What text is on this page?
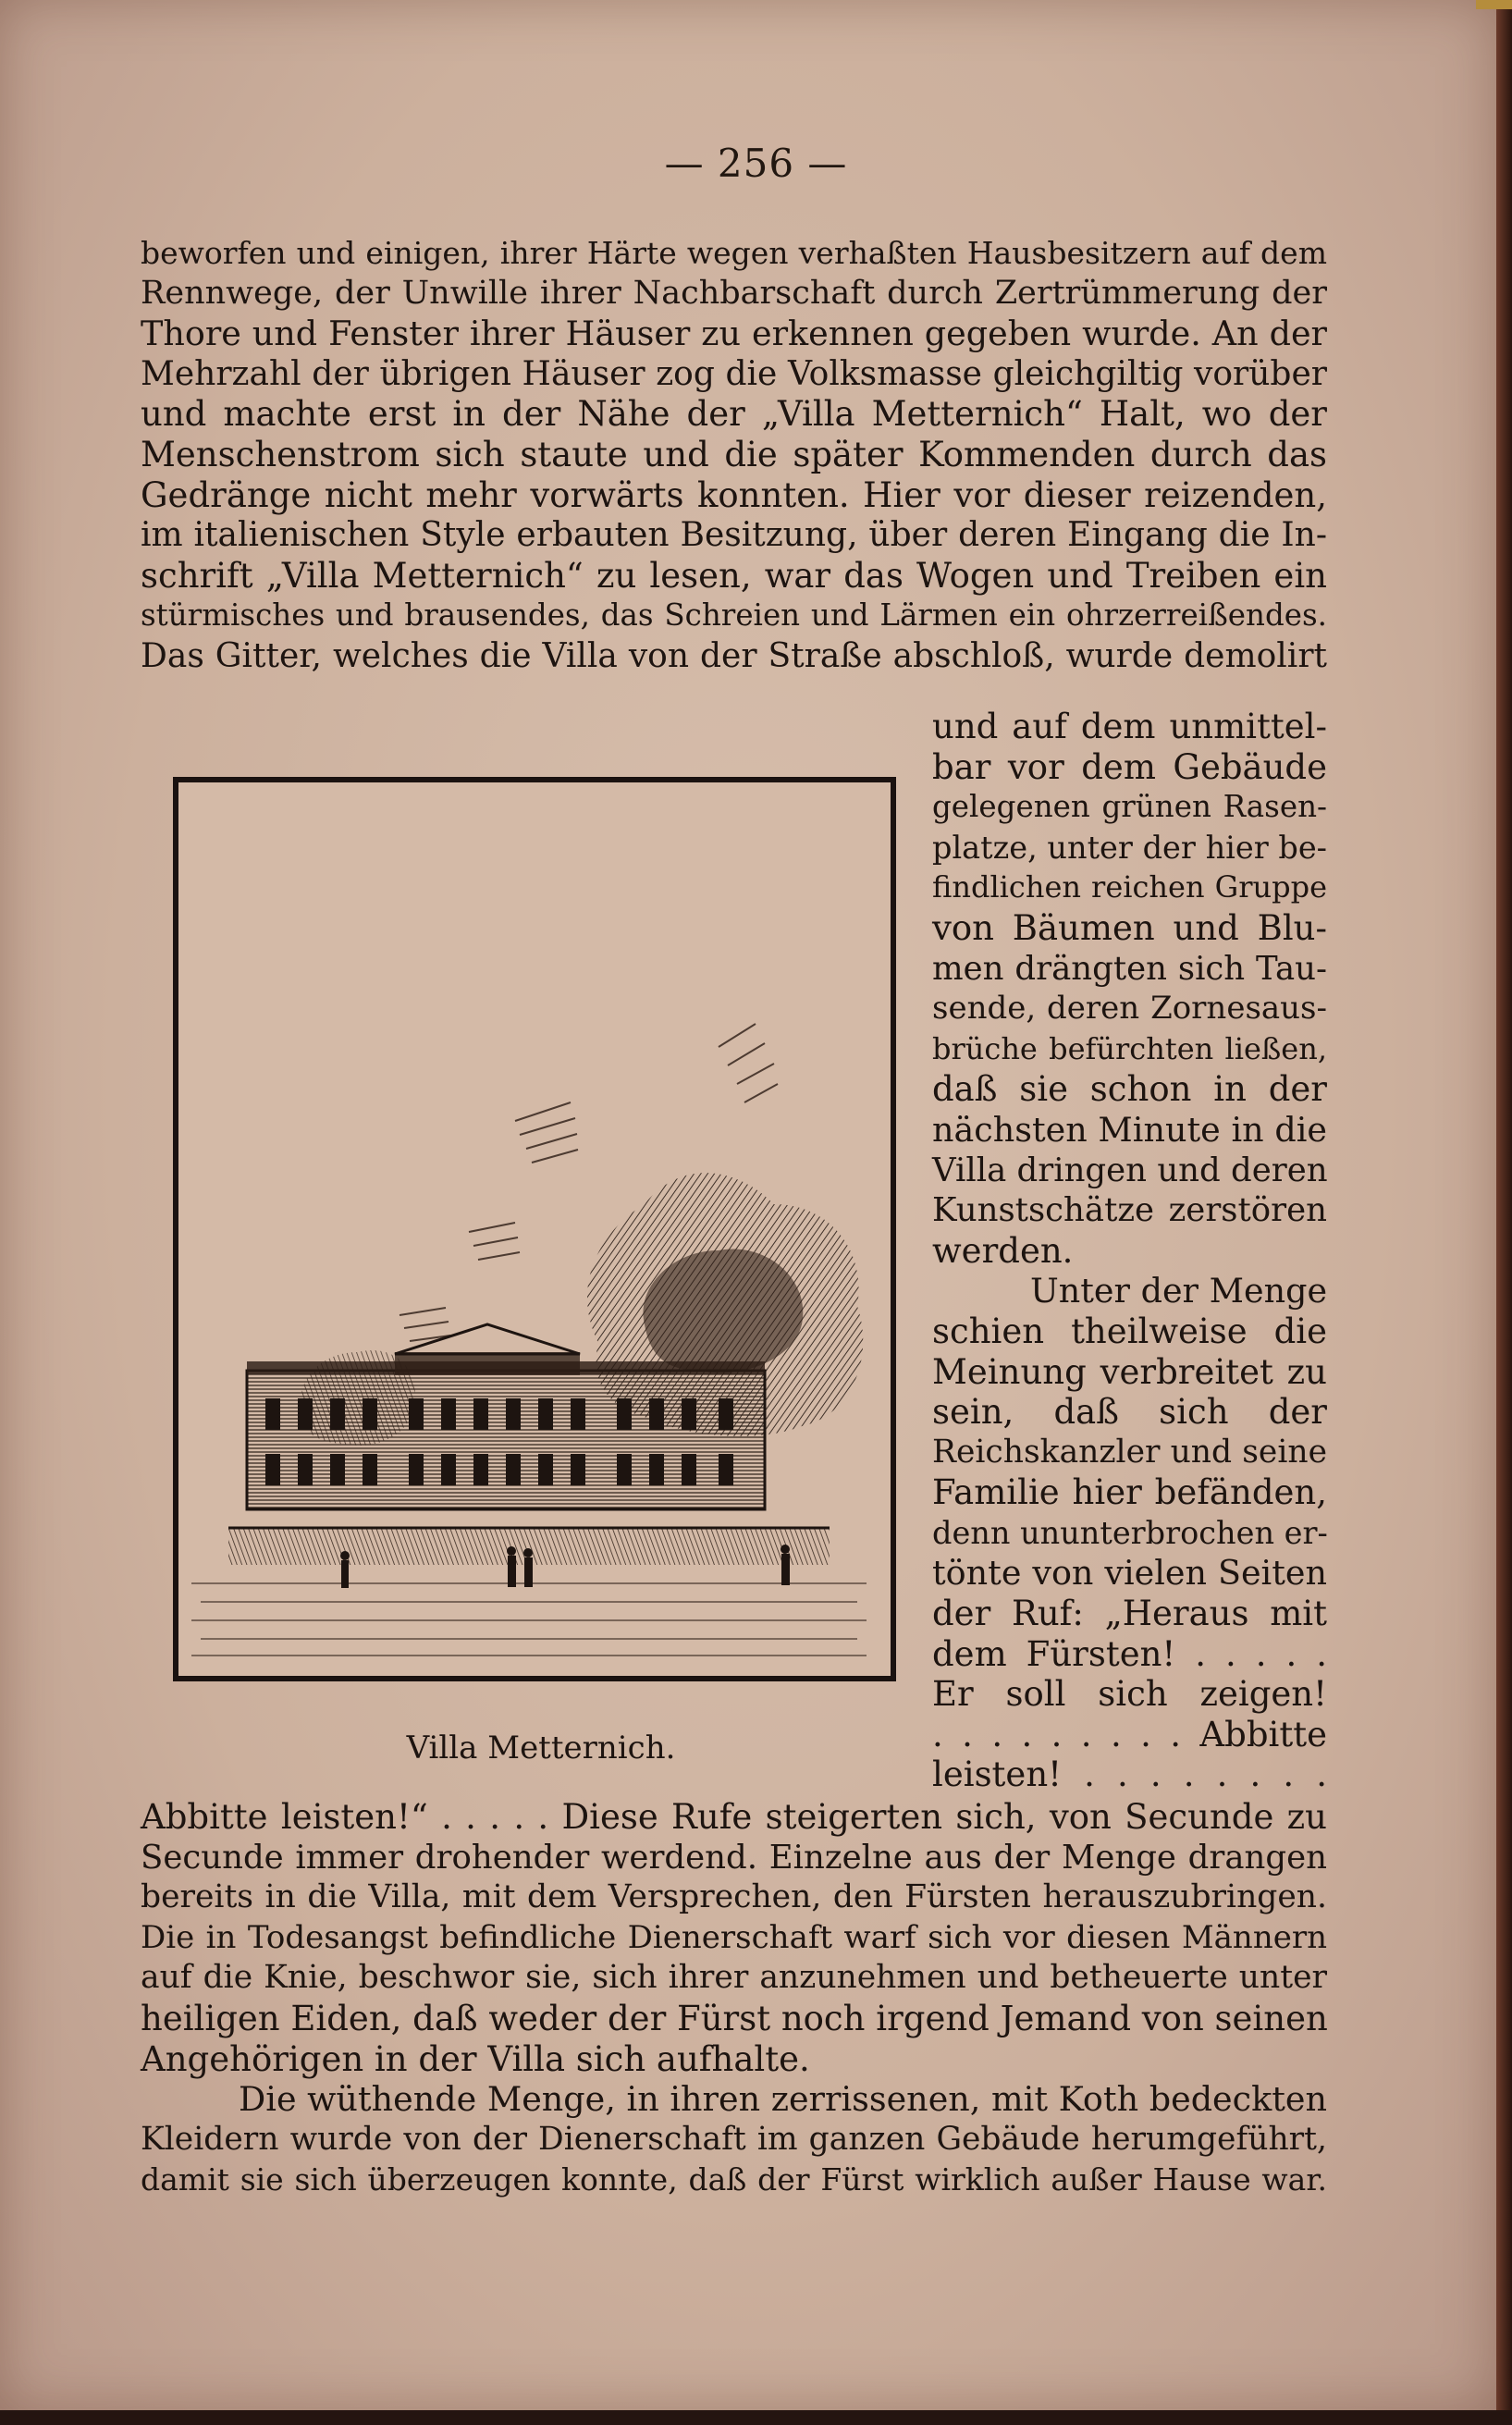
— 256 —
beworfen und einigen, ihrer Härte wegen verhaßten Hausbesitzern auf dem
Rennwege, der Unwille ihrer Nachbarschaft durch Zertrümmerung der
Thore und Fenster ihrer Häuser zu erkennen gegeben wurde. An der
Mehrzahl der übrigen Häuser zog die Volksmasse gleichgiltig vorüber
und machte erst in der Nähe der „Villa Metternich“ Halt, wo der
Menschenstrom sich staute und die später Kommenden durch das
Gedränge nicht mehr vorwärts konnten. Hier vor dieser reizenden,
im italienischen Style erbauten Besitzung, über deren Eingang die In-
schrift „Villa Metternich“ zu lesen, war das Wogen und Treiben ein
stürmisches und brausendes, das Schreien und Lärmen ein ohrzerreißendes.
Das Gitter, welches die Villa von der Straße abschloß, wurde demolirt
und auf dem unmittel-
bar vor dem Gebäude
gelegenen grünen Rasen-
platze, unter der hier be-
findlichen reichen Gruppe
von Bäumen und Blu-
men drängten sich Tau-
sende, deren Zornesaus-
brüche befürchten ließen,
daß sie schon in der
nächsten Minute in die
Villa dringen und deren
Kunstschätze zerstören
werden.
Unter der Menge
schien theilweise die
Meinung verbreitet zu
sein, daß sich der
Reichskanzler und seine
Familie hier befänden,
denn ununterbrochen er-
tönte von vielen Seiten
der Ruf: „Heraus mit
dem Fürsten! . . . . .
Er soll sich zeigen!
. . . . . . . . . Abbitte
leisten! . . . . . . . .
Villa Metternich.
Abbitte leisten!“ . . . . . Diese Rufe steigerten sich, von Secunde zu
Secunde immer drohender werdend. Einzelne aus der Menge drangen
bereits in die Villa, mit dem Versprechen, den Fürsten herauszubringen.
Die in Todesangst befindliche Dienerschaft warf sich vor diesen Männern
auf die Knie, beschwor sie, sich ihrer anzunehmen und betheuerte unter
heiligen Eiden, daß weder der Fürst noch irgend Jemand von seinen
Angehörigen in der Villa sich aufhalte.
Die wüthende Menge, in ihren zerrissenen, mit Koth bedeckten
Kleidern wurde von der Dienerschaft im ganzen Gebäude herumgeführt,
damit sie sich überzeugen konnte, daß der Fürst wirklich außer Hause war.
